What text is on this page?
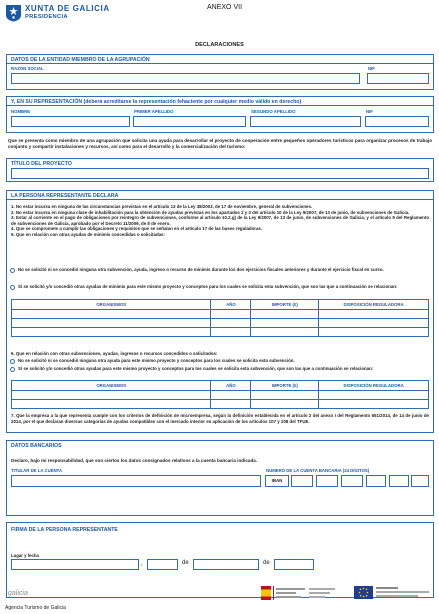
XUNTA DE GALICIA
PRESIDENCIA
ANEXO VII
DECLARACIONES
DATOS DE LA ENTIDAD MIEMBRO DE LA AGRUPACIÓN
RAZÓN SOCIAL	NIF
Y, EN SU REPRESENTACIÓN (deberá acreditarse la representación fehaciente por cualquier medio válido en derecho)
NOMBRE	PRIMER APELLIDO	SEGUNDO APELLIDO	NIF
Que se presenta como miembro de una agrupación que solicita una ayuda para desarrollar el proyecto de cooperación entre pequeños operadores turísticos para organizar procesos de trabajo conjunto y compartir instalaciones y recursos, así como para el desarrollo y la comercialización del turismo:
TÍTULO DEL PROYECTO
LA PERSONA REPRESENTANTE DECLARA

1. No estar incursa en ninguna de las circunstancias previstas en el artículo 13 de la Ley 38/2003, de 17 de noviembre, general de subvenciones.

2. No estar incursa en ninguna clase de inhabilitación para la obtención de ayudas previstas en los apartados 2 y 3 del artículo 10 de la Ley 9/2007, de 13 de junio, de subvenciones de Galicia.

3. Estar al corriente en el pago de obligaciones por reintegro de subvenciones, conforme al artículo 10.2.g) de la Ley 9/2007, de 13 de junio, de subvenciones de Galicia, y el artículo 9 del Reglamento de subvenciones de Galicia, aprobado por el Decreto 11/2009, de 8 de enero.

4. Que se compromete a cumplir las obligaciones y requisitos que se señalan en el artículo 17 de las bases reguladoras.

5. Que en relación con otras ayudas de minimis concedidas o solicitadas:

No se solicitó ni se concedió ninguna otra subvención, ayuda, ingreso o recurso de minimis durante los dos ejercicios fiscales anteriores y durante el ejercicio fiscal en curso.
Sí se solicitó y/o concedió otras ayudas de minimis para este mismo proyecto y conceptos para los cuales se solicita esta subvención, que son las que a continuación se relacionan:
ORGANISMOS	AÑO	IMPORTE (€)	DISPOSICIÓN REGULADORA

6. Que en relación con otras subvenciones, ayudas, ingresos o recursos concedidos o solicitados:
No se solicitó ni se concedió ninguna otra ayuda para este mismo proyecto y conceptos para los cuales se solicita esta subvención.
Sí se solicitó y/o concedió otras ayudas para este mismo proyecto y conceptos para los cuales se solicita esta subvención, que son las que a continuación se relacionan:
ORGANISMOS	AÑO	IMPORTE (€)	DISPOSICIÓN REGULADORA

7. Que la empresa a la que representa cumple con los criterios de definición de microempresa, según la definición establecida en el artículo 2 del anexo I del Reglamento 651/2014, de 14 de junio de 2014, por el que declaran diversas categorías de ayudas compatibles con el mercado interior en aplicación de los artículos 107 y 108 del TFUE.
DATOS BANCARIOS
Declaro, bajo mi responsabilidad, que son ciertos los datos consignados relativos a la cuenta bancaria indicada.
TITULAR DE LA CUENTA	NÚMERO DE LA CUENTA BANCARIA (24 DÍGITOS)
IBAN
FIRMA DE LA PERSONA REPRESENTANTE
Lugar y fecha
,	de	de
galicia
Agencia Turismo de Galicia
